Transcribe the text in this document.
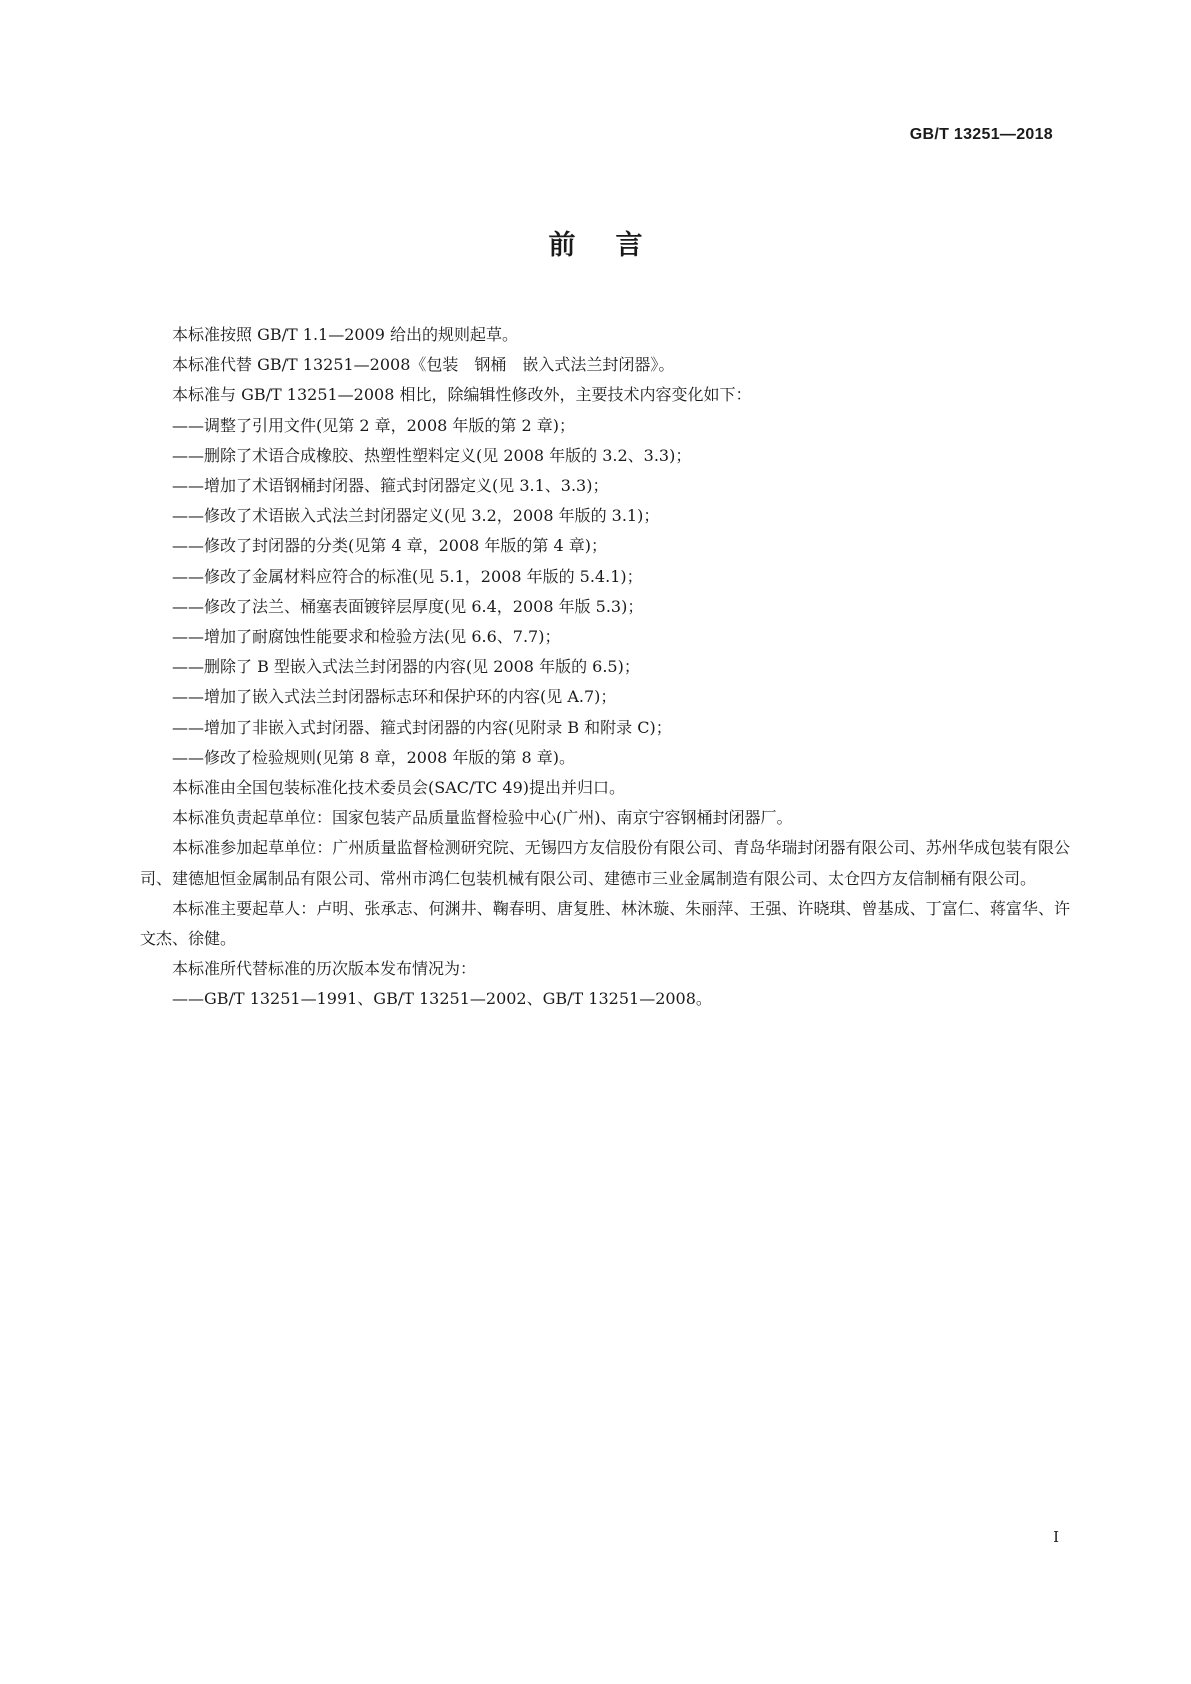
GB/T 13251—2018
前言

本标准按照 GB/T 1.1—2009 给出的规则起草。

本标准代替 GB/T 13251—2008《包装　钢桶　嵌入式法兰封闭器》。

本标准与 GB/T 13251—2008 相比，除编辑性修改外，主要技术内容变化如下：

——调整了引用文件(见第 2 章，2008 年版的第 2 章)；

——删除了术语合成橡胶、热塑性塑料定义(见 2008 年版的 3.2、3.3)；

——增加了术语钢桶封闭器、箍式封闭器定义(见 3.1、3.3)；

——修改了术语嵌入式法兰封闭器定义(见 3.2，2008 年版的 3.1)；

——修改了封闭器的分类(见第 4 章，2008 年版的第 4 章)；

——修改了金属材料应符合的标准(见 5.1，2008 年版的 5.4.1)；

——修改了法兰、桶塞表面镀锌层厚度(见 6.4，2008 年版 5.3)；

——增加了耐腐蚀性能要求和检验方法(见 6.6、7.7)；

——删除了 B 型嵌入式法兰封闭器的内容(见 2008 年版的 6.5)；

——增加了嵌入式法兰封闭器标志环和保护环的内容(见 A.7)；

——增加了非嵌入式封闭器、箍式封闭器的内容(见附录 B 和附录 C)；

——修改了检验规则(见第 8 章，2008 年版的第 8 章)。

本标准由全国包装标准化技术委员会(SAC/TC 49)提出并归口。

本标准负责起草单位：国家包装产品质量监督检验中心(广州)、南京宁容钢桶封闭器厂。

本标准参加起草单位：广州质量监督检测研究院、无锡四方友信股份有限公司、青岛华瑞封闭器有限公司、苏州华成包装有限公司、建德旭恒金属制品有限公司、常州市鸿仁包装机械有限公司、建德市三业金属制造有限公司、太仓四方友信制桶有限公司。

本标准主要起草人：卢明、张承志、何渊井、鞠春明、唐复胜、林沐璇、朱丽萍、王强、许晓琪、曾基成、丁富仁、蒋富华、许文杰、徐健。

本标准所代替标准的历次版本发布情况为：

——GB/T 13251—1991、GB/T 13251—2002、GB/T 13251—2008。

I
